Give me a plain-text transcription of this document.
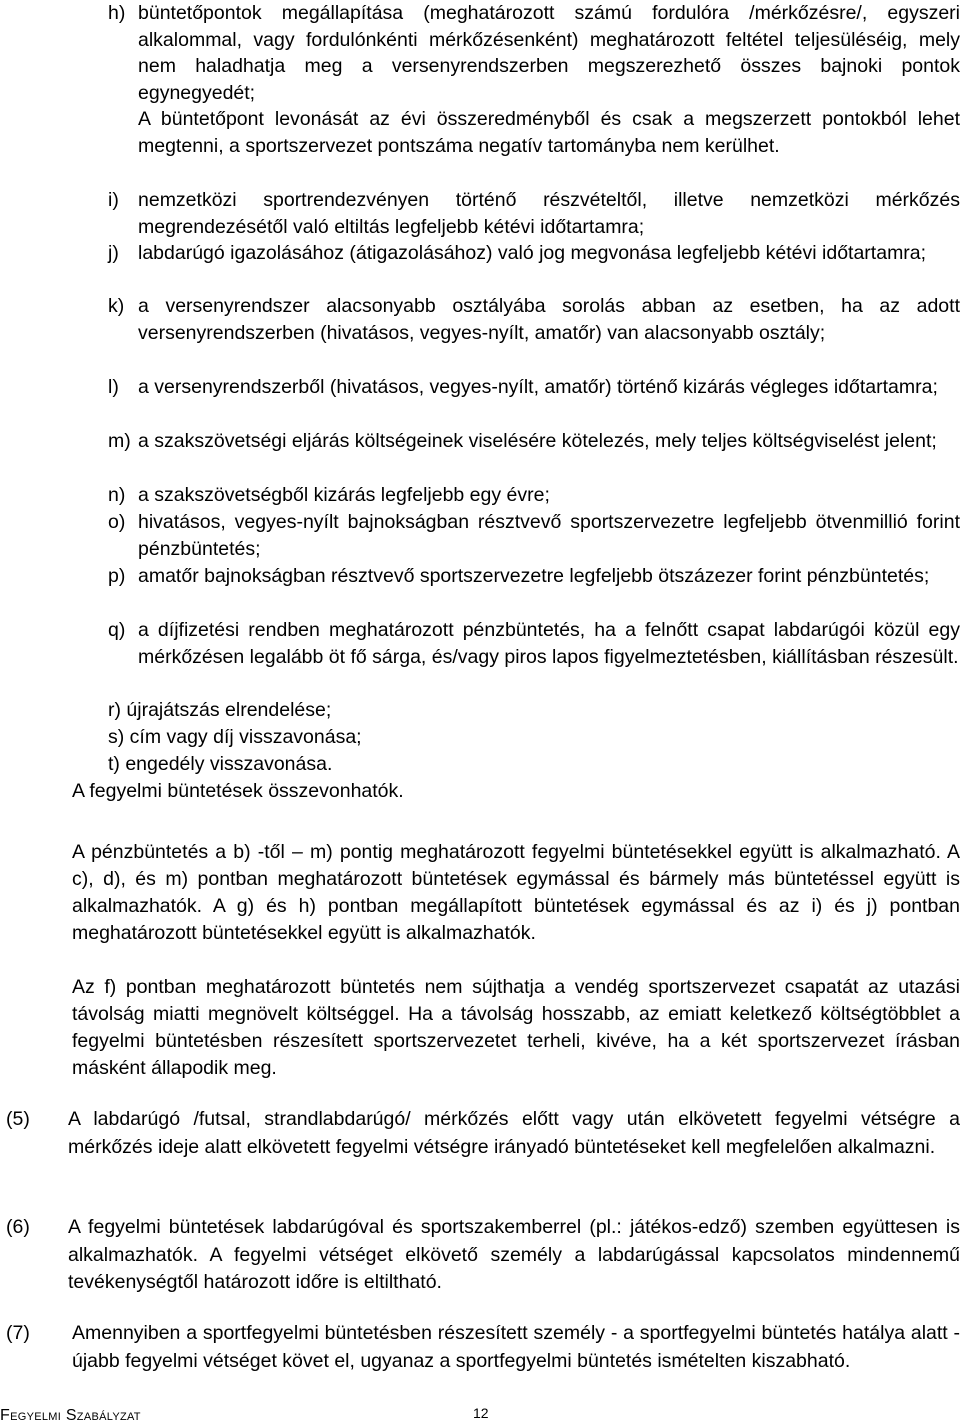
h) büntetőpontok megállapítása (meghatározott számú fordulóra /mérkőzésre/, egyszeri alkalommal, vagy fordulónkénti mérkőzésenként) meghatározott feltétel teljesüléséig, mely nem haladhatja meg a versenyrendszerben megszerezhető összes bajnoki pontok egynegyedét;
A büntetőpont levonását az évi összeredményből és csak a megszerzett pontokból lehet megtenni, a sportszervezet pontszáma negatív tartományba nem kerülhet.
i) nemzetközi sportrendezvényen történő részvételtől, illetve nemzetközi mérkőzés megrendezésétől való eltiltás legfeljebb kétévi időtartamra;
j) labdarúgó igazolásához (átigazolásához) való jog megvonása legfeljebb kétévi időtartamra;
k) a versenyrendszer alacsonyabb osztályába sorolás abban az esetben, ha az adott versenyrendszerben (hivatásos, vegyes-nyílt, amatőr) van alacsonyabb osztály;
l) a versenyrendszerből (hivatásos, vegyes-nyílt, amatőr) történő kizárás végleges időtartamra;
m) a szakszövetségi eljárás költségeinek viselésére kötelezés, mely teljes költségviselést jelent;
n) a szakszövetségből kizárás legfeljebb egy évre;
o) hivatásos, vegyes-nyílt bajnokságban résztvevő sportszervezetre legfeljebb ötvenmillió forint pénzbüntetés;
p) amatőr bajnokságban résztvevő sportszervezetre legfeljebb ötszázezer forint pénzbüntetés;
q) a díjfizetési rendben meghatározott pénzbüntetés, ha a felnőtt csapat labdarúgói közül egy mérkőzésen legalább öt fő sárga, és/vagy piros lapos figyelmeztetésben, kiállításban részesült.
r) újrajátszás elrendelése;
s) cím vagy díj visszavonása;
t) engedély visszavonása.
A fegyelmi büntetések összevonhatók.
A pénzbüntetés a b) -től – m) pontig meghatározott fegyelmi büntetésekkel együtt is alkalmazható. A c), d), és m) pontban meghatározott büntetések egymással és bármely más büntetéssel együtt is alkalmazhatók. A g) és h) pontban megállapított büntetések egymással és az i) és j) pontban meghatározott büntetésekkel együtt is alkalmazhatók.
Az f) pontban meghatározott büntetés nem sújthatja a vendég sportszervezet csapatát az utazási távolság miatti megnövelt költséggel. Ha a távolság hosszabb, az emiatt keletkező költségtöbblet a fegyelmi büntetésben részesített sportszervezetet terheli, kivéve, ha a két sportszervezet írásban másként állapodik meg.
(5) A labdarúgó /futsal, strandlabdarúgó/ mérkőzés előtt vagy után elkövetett fegyelmi vétségre a mérkőzés ideje alatt elkövetett fegyelmi vétségre irányadó büntetéseket kell megfelelően alkalmazni.
(6) A fegyelmi büntetések labdarúgóval és sportszakemberrel (pl.: játékos-edző) szemben együttesen is alkalmazhatók. A fegyelmi vétséget elkövető személy a labdarúgással kapcsolatos mindennemű tevékenységtől határozott időre is eltiltható.
(7) Amennyiben a sportfegyelmi büntetésben részesített személy - a sportfegyelmi büntetés hatálya alatt - újabb fegyelmi vétséget követ el, ugyanaz a sportfegyelmi büntetés ismételten kiszabható.
Fegyelmi Szabályzat	12
